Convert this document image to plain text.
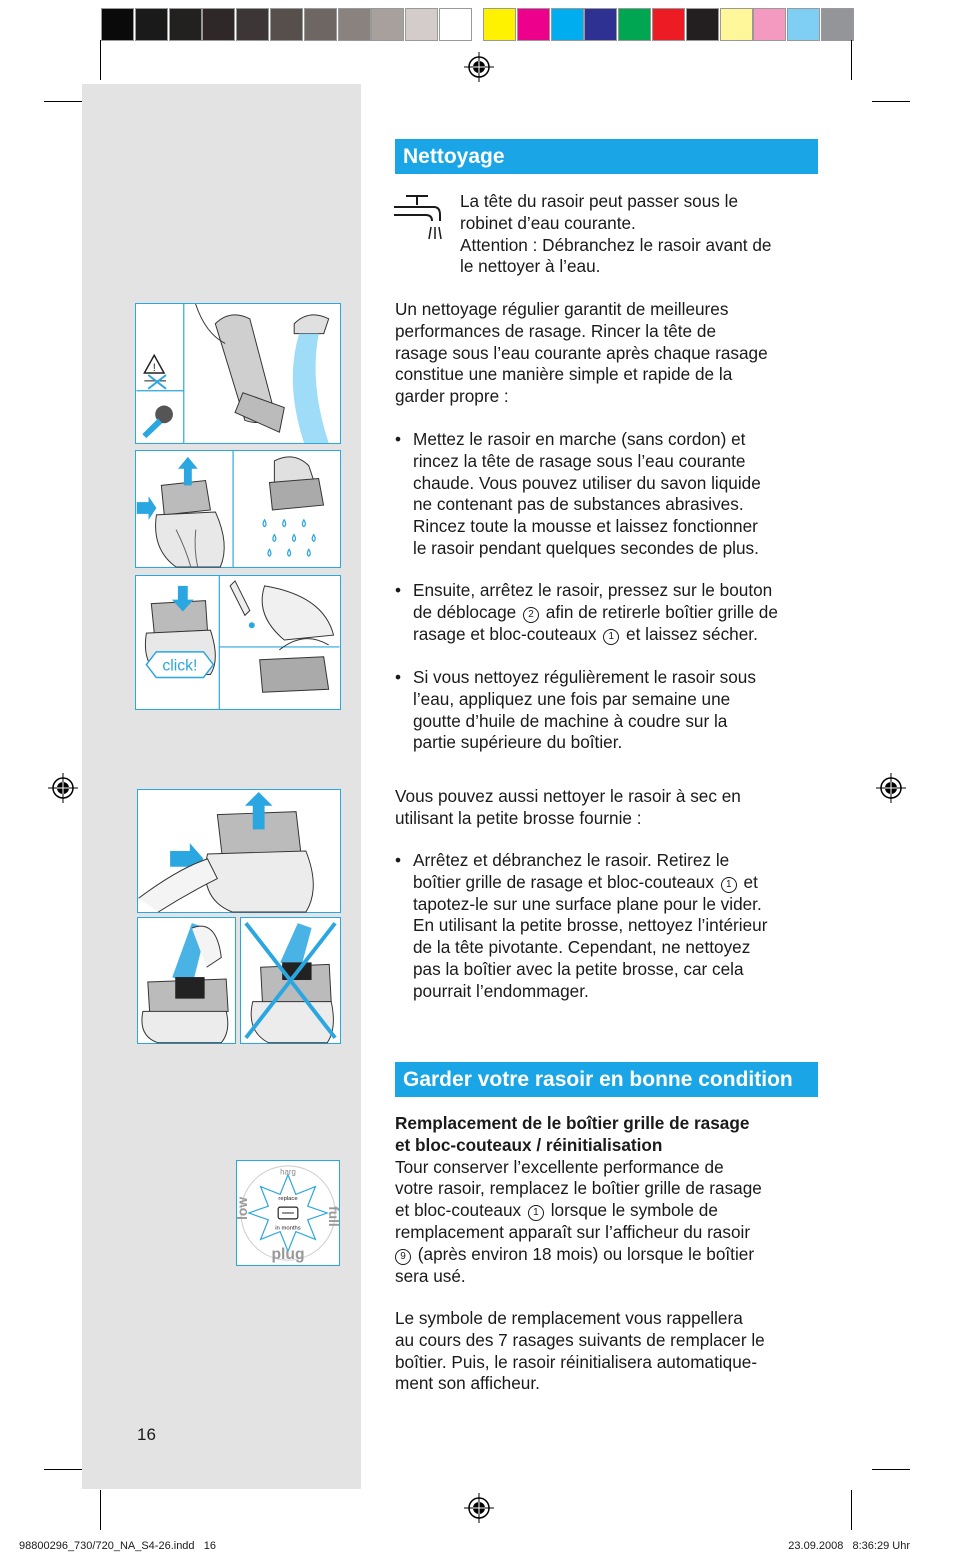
!
click!
harg
replace
in months
low	full
plug
Nettoyage
La tête du rasoir peut passer sous le
robinet d’eau courante.
Attention : Débranchez le rasoir avant de
le nettoyer à l’eau.
Un nettoyage régulier garantit de meilleures
performances de rasage. Rincer la tête de
rasage sous l’eau courante après chaque rasage
constitue une manière simple et rapide de la
garder propre :
• Mettez le rasoir en marche (sans cordon) et
rincez la tête de rasage sous l’eau courante
chaude. Vous pouvez utiliser du savon liquide
ne contenant pas de substances abrasives.
Rincez toute la mousse et laissez fonctionner
le rasoir pendant quelques secondes de plus.
• Ensuite, arrêtez le rasoir, pressez sur le bouton
de déblocage 2 afin de retirerle boîtier grille de
rasage et bloc-couteaux 1 et laissez sécher.
• Si vous nettoyez régulièrement le rasoir sous
l’eau, appliquez une fois par semaine une
goutte d’huile de machine à coudre sur la
partie supérieure du boîtier.
Vous pouvez aussi nettoyer le rasoir à sec en
utilisant la petite brosse fournie :
• Arrêtez et débranchez le rasoir. Retirez le
boîtier grille de rasage et bloc-couteaux 1 et
tapotez-le sur une surface plane pour le vider.
En utilisant la petite brosse, nettoyez l’intérieur
de la tête pivotante. Cependant, ne nettoyez
pas la boîtier avec la petite brosse, car cela
pourrait l’endommager.
Garder votre rasoir en bonne condition
Remplacement de le boîtier grille de rasage
et bloc-couteaux / réinitialisation
Tour conserver l’excellente performance de
votre rasoir, remplacez le boîtier grille de rasage
et bloc-couteaux 1 lorsque le symbole de
remplacement apparaît sur l’afficheur du rasoir
9 (après environ 18 mois) ou lorsque le boîtier
sera usé.
Le symbole de remplacement vous rappellera
au cours des 7 rasages suivants de remplacer le
boîtier. Puis, le rasoir réinitialisera automatique-
ment son afficheur.
16
98800296_730/720_NA_S4-26.indd   16	23.09.2008   8:36:29 Uhr
